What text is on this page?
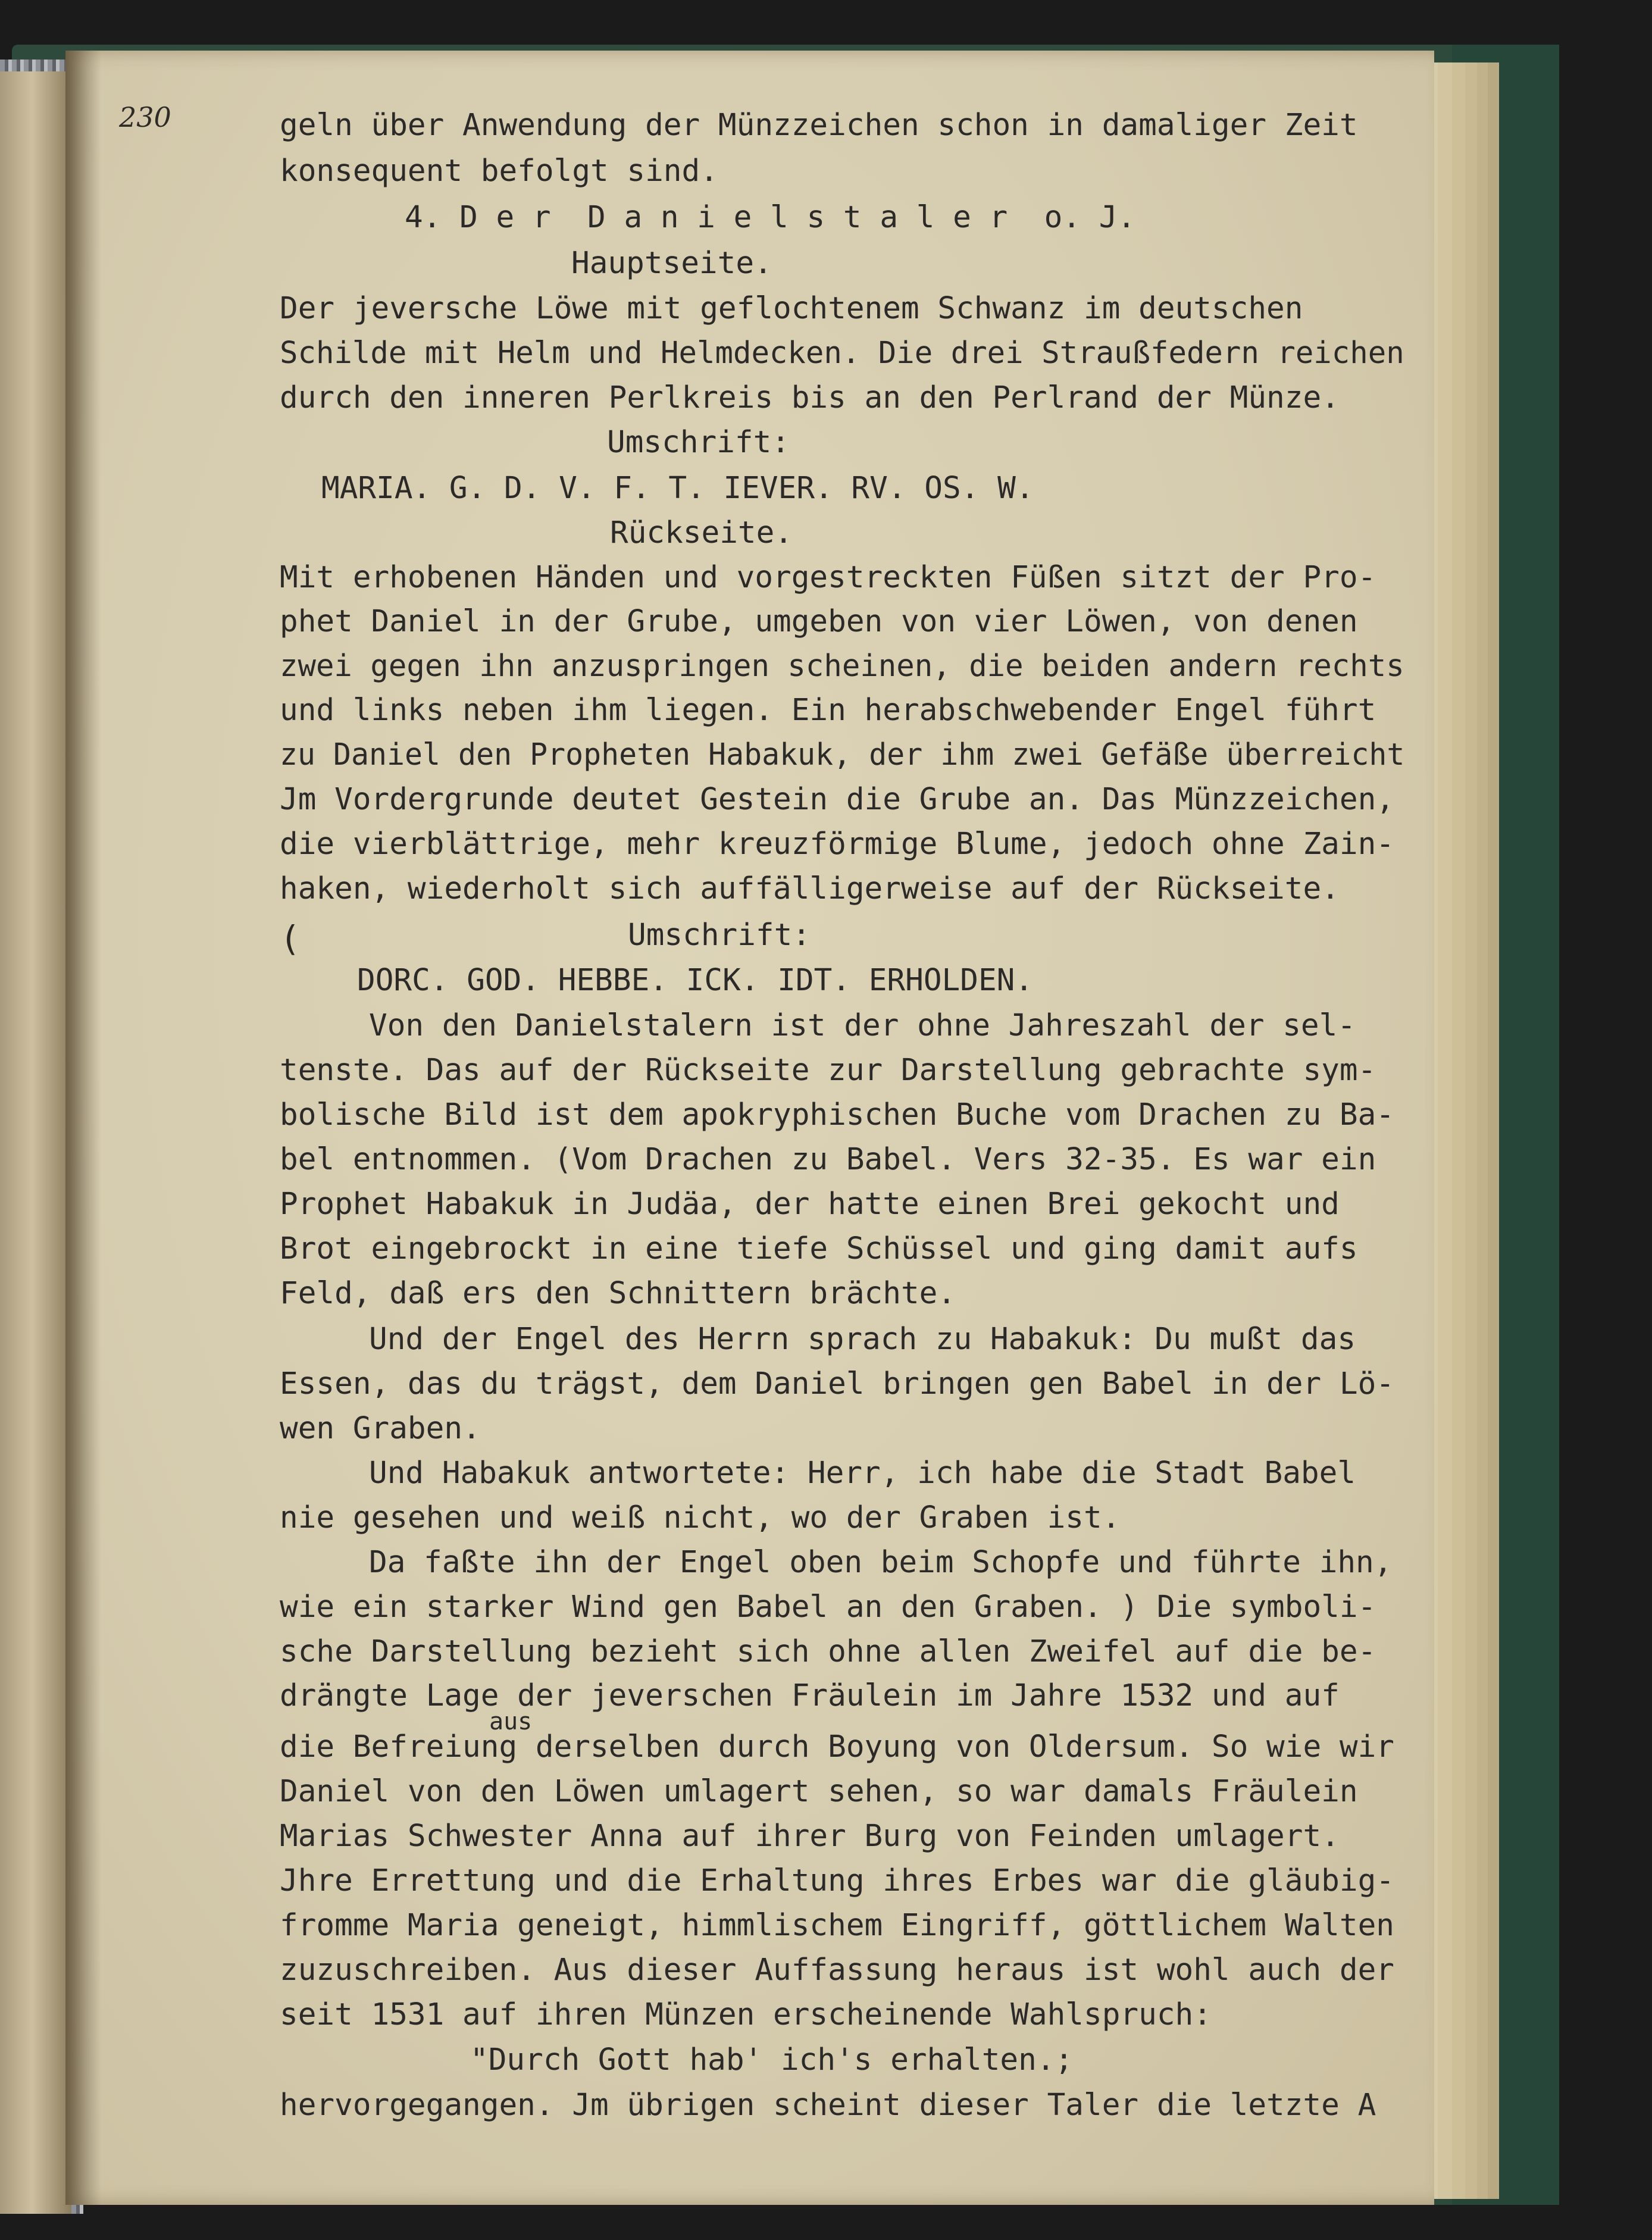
230	geln über Anwendung der Münzzeichen schon in damaliger Zeit
konsequent befolgt sind.
4. D e r  D a n i e l s t a l e r  o. J.
Hauptseite.
Der jeversche Löwe mit geflochtenem Schwanz im deutschen
Schilde mit Helm und Helmdecken. Die drei Straußfedern reichen
durch den inneren Perlkreis bis an den Perlrand der Münze.
Umschrift:
MARIA. G. D. V. F. T. IEVER. RV. OS. W.
Rückseite.
Mit erhobenen Händen und vorgestreckten Füßen sitzt der Pro-
phet Daniel in der Grube, umgeben von vier Löwen, von denen
zwei gegen ihn anzuspringen scheinen, die beiden andern rechts
und links neben ihm liegen. Ein herabschwebender Engel führt
zu Daniel den Propheten Habakuk, der ihm zwei Gefäße überreicht
Jm Vordergrunde deutet Gestein die Grube an. Das Münzzeichen,
die vierblättrige, mehr kreuzförmige Blume, jedoch ohne Zain-
haken, wiederholt sich auffälligerweise auf der Rückseite.
(	Umschrift:
DORC. GOD. HEBBE. ICK. IDT. ERHOLDEN.
Von den Danielstalern ist der ohne Jahreszahl der sel-
tenste. Das auf der Rückseite zur Darstellung gebrachte sym-
bolische Bild ist dem apokryphischen Buche vom Drachen zu Ba-
bel entnommen. (Vom Drachen zu Babel. Vers 32-35. Es war ein
Prophet Habakuk in Judäa, der hatte einen Brei gekocht und
Brot eingebrockt in eine tiefe Schüssel und ging damit aufs
Feld, daß ers den Schnittern brächte.
Und der Engel des Herrn sprach zu Habakuk: Du mußt das
Essen, das du trägst, dem Daniel bringen gen Babel in der Lö-
wen Graben.
Und Habakuk antwortete: Herr, ich habe die Stadt Babel
nie gesehen und weiß nicht, wo der Graben ist.
Da faßte ihn der Engel oben beim Schopfe und führte ihn,
wie ein starker Wind gen Babel an den Graben. ) Die symboli-
sche Darstellung bezieht sich ohne allen Zweifel auf die be-
drängte Lage der jeverschen Fräulein im Jahre 1532 und auf
aus
die Befreiung derselben durch Boyung von Oldersum. So wie wir
Daniel von den Löwen umlagert sehen, so war damals Fräulein
Marias Schwester Anna auf ihrer Burg von Feinden umlagert.
Jhre Errettung und die Erhaltung ihres Erbes war die gläubig-
fromme Maria geneigt, himmlischem Eingriff, göttlichem Walten
zuzuschreiben. Aus dieser Auffassung heraus ist wohl auch der
seit 1531 auf ihren Münzen erscheinende Wahlspruch:
"Durch Gott hab' ich's erhalten.;
hervorgegangen. Jm übrigen scheint dieser Taler die letzte A
